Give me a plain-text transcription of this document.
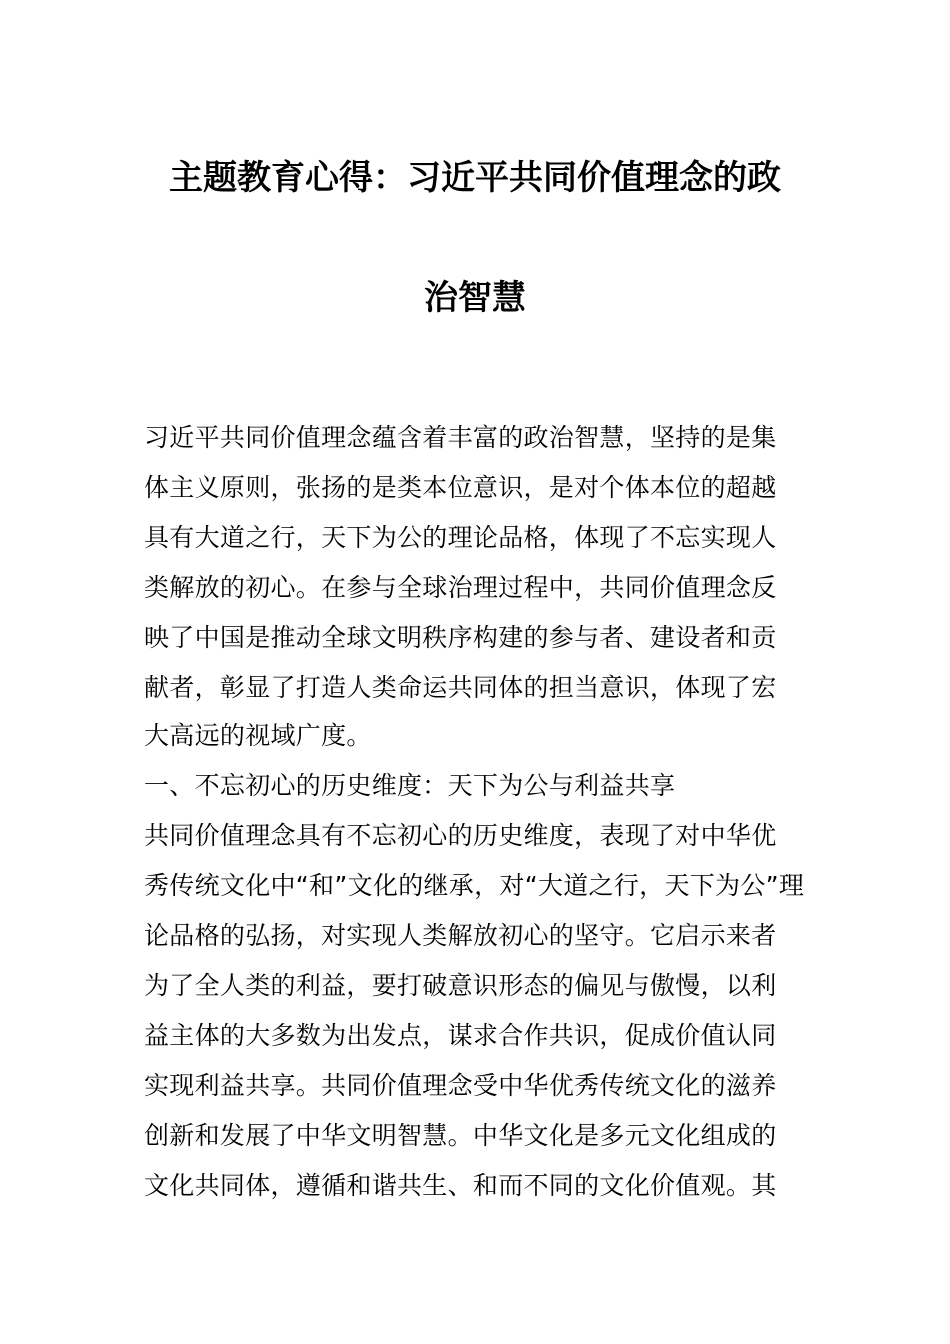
主题教育心得：习近平共同价值理念的政
治智慧
习近平共同价值理念蕴含着丰富的政治智慧，坚持的是集
体主义原则，张扬的是类本位意识，是对个体本位的超越
具有大道之行，天下为公的理论品格，体现了不忘实现人
类解放的初心。在参与全球治理过程中，共同价值理念反
映了中国是推动全球文明秩序构建的参与者、建设者和贡
献者，彰显了打造人类命运共同体的担当意识，体现了宏
大高远的视域广度。
一、不忘初心的历史维度：天下为公与利益共享
共同价值理念具有不忘初心的历史维度，表现了对中华优
秀传统文化中“和”文化的继承，对“大道之行，天下为公”理
论品格的弘扬，对实现人类解放初心的坚守。它启示来者
为了全人类的利益，要打破意识形态的偏见与傲慢，以利
益主体的大多数为出发点，谋求合作共识，促成价值认同
实现利益共享。共同价值理念受中华优秀传统文化的滋养
创新和发展了中华文明智慧。中华文化是多元文化组成的
文化共同体，遵循和谐共生、和而不同的文化价值观。其
